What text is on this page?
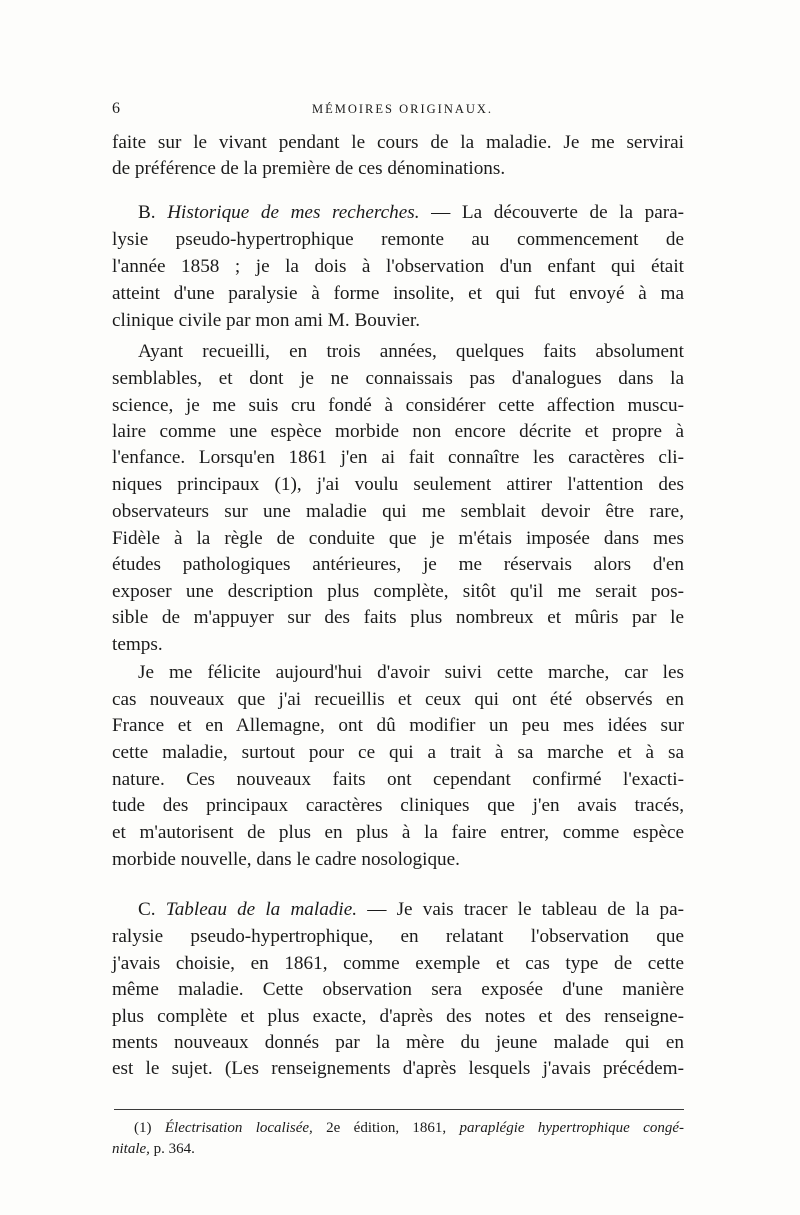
6	MÉMOIRES ORIGINAUX.
faite sur le vivant pendant le cours de la maladie. Je me servirai
de préférence de la première de ces dénominations.
B. Historique de mes recherches. — La découverte de la para-
lysie pseudo-hypertrophique remonte au commencement de
l'année 1858 ; je la dois à l'observation d'un enfant qui était
atteint d'une paralysie à forme insolite, et qui fut envoyé à ma
clinique civile par mon ami M. Bouvier.
Ayant recueilli, en trois années, quelques faits absolument
semblables, et dont je ne connaissais pas d'analogues dans la
science, je me suis cru fondé à considérer cette affection muscu-
laire comme une espèce morbide non encore décrite et propre à
l'enfance. Lorsqu'en 1861 j'en ai fait connaître les caractères cli-
niques principaux (1), j'ai voulu seulement attirer l'attention des
observateurs sur une maladie qui me semblait devoir être rare,
Fidèle à la règle de conduite que je m'étais imposée dans mes
études pathologiques antérieures, je me réservais alors d'en
exposer une description plus complète, sitôt qu'il me serait pos-
sible de m'appuyer sur des faits plus nombreux et mûris par le
temps.
Je me félicite aujourd'hui d'avoir suivi cette marche, car les
cas nouveaux que j'ai recueillis et ceux qui ont été observés en
France et en Allemagne, ont dû modifier un peu mes idées sur
cette maladie, surtout pour ce qui a trait à sa marche et à sa
nature. Ces nouveaux faits ont cependant confirmé l'exacti-
tude des principaux caractères cliniques que j'en avais tracés,
et m'autorisent de plus en plus à la faire entrer, comme espèce
morbide nouvelle, dans le cadre nosologique.
C. Tableau de la maladie. — Je vais tracer le tableau de la pa-
ralysie pseudo-hypertrophique, en relatant l'observation que
j'avais choisie, en 1861, comme exemple et cas type de cette
même maladie. Cette observation sera exposée d'une manière
plus complète et plus exacte, d'après des notes et des renseigne-
ments nouveaux donnés par la mère du jeune malade qui en
est le sujet. (Les renseignements d'après lesquels j'avais précédem-
(1) Électrisation localisée, 2e édition, 1861, paraplégie hypertrophique congé-
nitale, p. 364.
